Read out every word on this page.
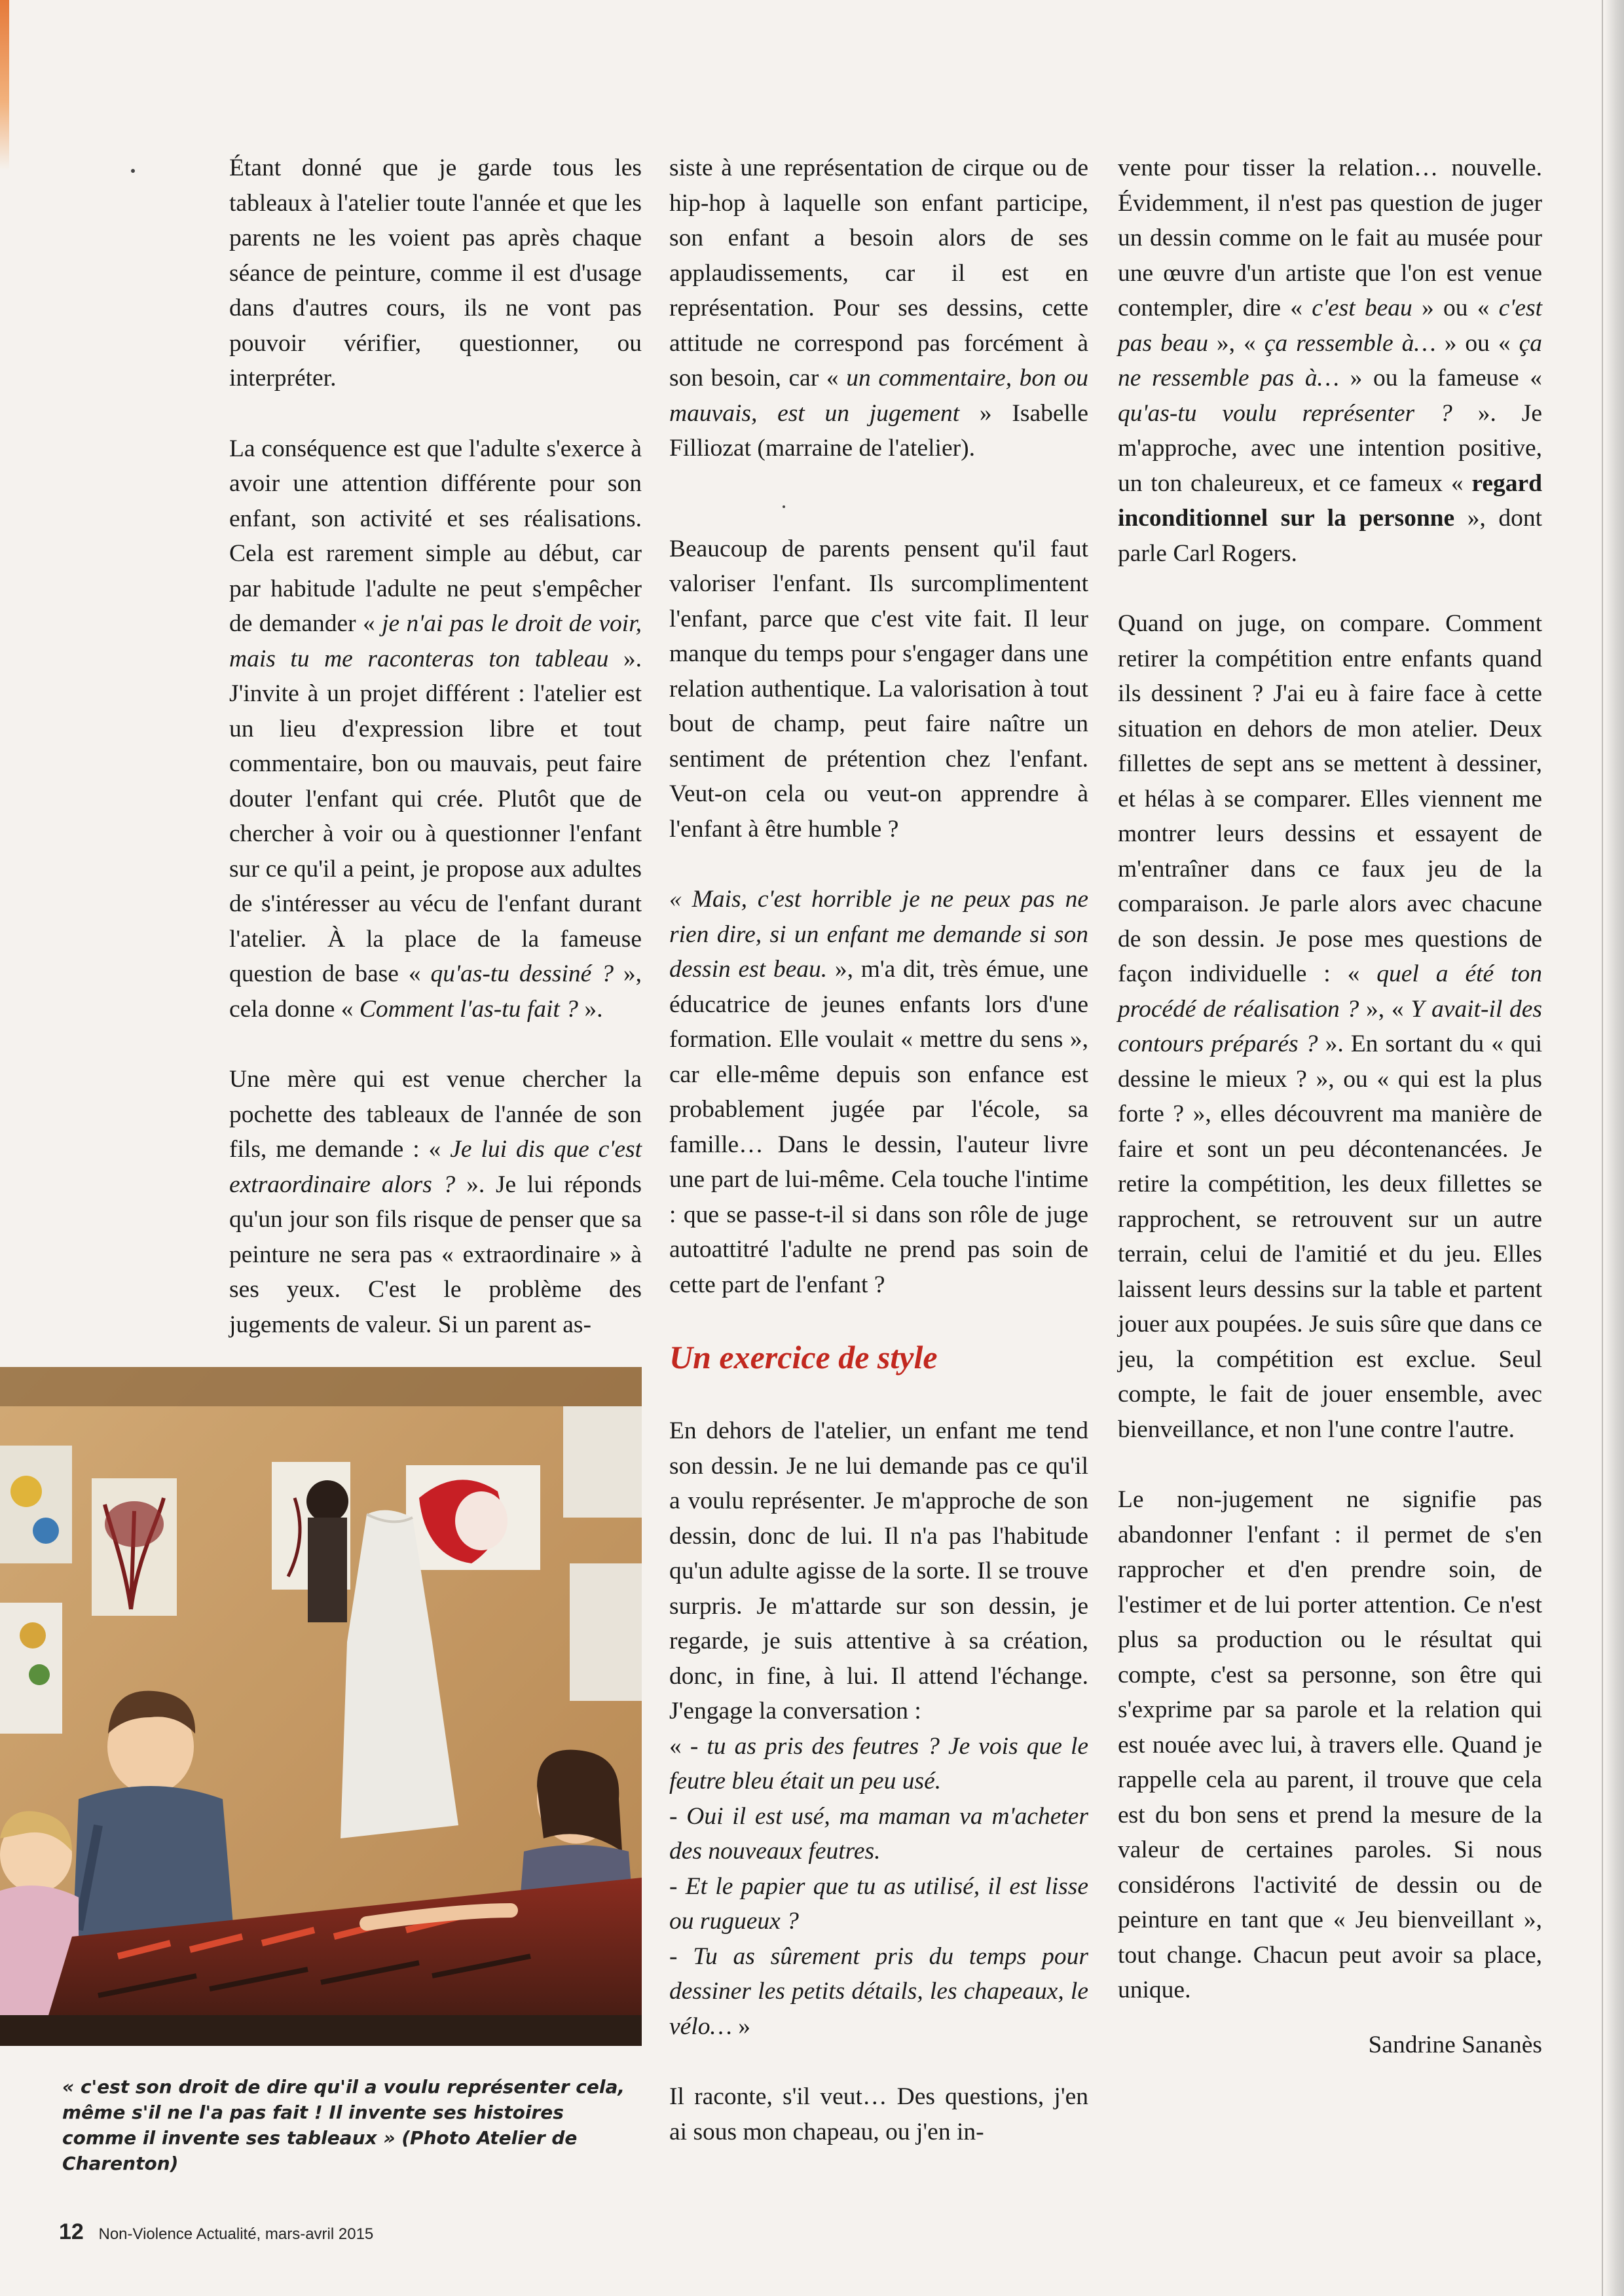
Étant donné que je garde tous les tableaux à l'atelier toute l'année et que les parents ne les voient pas après chaque séance de peinture, comme il est d'usage dans d'autres cours, ils ne vont pas pouvoir vérifier, questionner, ou interpréter.

La conséquence est que l'adulte s'exerce à avoir une attention différente pour son enfant, son activité et ses réalisations. Cela est rarement simple au début, car par habitude l'adulte ne peut s'empêcher de demander « je n'ai pas le droit de voir, mais tu me raconteras ton tableau ». J'invite à un projet différent : l'atelier est un lieu d'expression libre et tout commentaire, bon ou mauvais, peut faire douter l'enfant qui crée. Plutôt que de chercher à voir ou à questionner l'enfant sur ce qu'il a peint, je propose aux adultes de s'intéresser au vécu de l'enfant durant l'atelier. À la place de la fameuse question de base « qu'as-tu dessiné ? », cela donne « Comment l'as-tu fait ? ».

Une mère qui est venue chercher la pochette des tableaux de l'année de son fils, me demande : « Je lui dis que c'est extraordinaire alors ? ». Je lui réponds qu'un jour son fils risque de penser que sa peinture ne sera pas « extraordinaire » à ses yeux. C'est le problème des jugements de valeur. Si un parent as-

siste à une représentation de cirque ou de hip-hop à laquelle son enfant participe, son enfant a besoin alors de ses applaudissements, car il est en représentation. Pour ses dessins, cette attitude ne correspond pas forcément à son besoin, car « un commentaire, bon ou mauvais, est un jugement » Isabelle Filliozat (marraine de l'atelier).

Beaucoup de parents pensent qu'il faut valoriser l'enfant. Ils surcomplimentent l'enfant, parce que c'est vite fait. Il leur manque du temps pour s'engager dans une relation authentique. La valorisation à tout bout de champ, peut faire naître un sentiment de prétention chez l'enfant. Veut-on cela ou veut-on apprendre à l'enfant à être humble ?

« Mais, c'est horrible je ne peux pas ne rien dire, si un enfant me demande si son dessin est beau. », m'a dit, très émue, une éducatrice de jeunes enfants lors d'une formation. Elle voulait « mettre du sens », car elle-même depuis son enfance est probablement jugée par l'école, sa famille… Dans le dessin, l'auteur livre une part de lui-même. Cela touche l'intime : que se passe-t-il si dans son rôle de juge autoattitré l'adulte ne prend pas soin de cette part de l'enfant ?

Un exercice de style

En dehors de l'atelier, un enfant me tend son dessin. Je ne lui demande pas ce qu'il a voulu représenter. Je m'approche de son dessin, donc de lui. Il n'a pas l'habitude qu'un adulte agisse de la sorte. Il se trouve surpris. Je m'attarde sur son dessin, je regarde, je suis attentive à sa création, donc, in fine, à lui. Il attend l'échange. J'engage la conversation :

« - tu as pris des feutres ? Je vois que le feutre bleu était un peu usé.

- Oui il est usé, ma maman va m'acheter des nouveaux feutres.

- Et le papier que tu as utilisé, il est lisse ou rugueux ?

- Tu as sûrement pris du temps pour dessiner les petits détails, les chapeaux, le vélo… »

Il raconte, s'il veut… Des questions, j'en ai sous mon chapeau, ou j'en in-

vente pour tisser la relation… nouvelle. Évidemment, il n'est pas question de juger un dessin comme on le fait au musée pour une œuvre d'un artiste que l'on est venue contempler, dire « c'est beau » ou « c'est pas beau », « ça ressemble à… » ou « ça ne ressemble pas à… » ou la fameuse « qu'as-tu voulu représenter ? ». Je m'approche, avec une intention positive, un ton chaleureux, et ce fameux « regard inconditionnel sur la personne », dont parle Carl Rogers.

Quand on juge, on compare. Comment retirer la compétition entre enfants quand ils dessinent ? J'ai eu à faire face à cette situation en dehors de mon atelier. Deux fillettes de sept ans se mettent à dessiner, et hélas à se comparer. Elles viennent me montrer leurs dessins et essayent de m'entraîner dans ce faux jeu de la comparaison. Je parle alors avec chacune de son dessin. Je pose mes questions de façon individuelle : « quel a été ton procédé de réalisation ? », « Y avait-il des contours préparés ? ». En sortant du « qui dessine le mieux ? », ou « qui est la plus forte ? », elles découvrent ma manière de faire et sont un peu décontenancées. Je retire la compétition, les deux fillettes se rapprochent, se retrouvent sur un autre terrain, celui de l'amitié et du jeu. Elles laissent leurs dessins sur la table et partent jouer aux poupées. Je suis sûre que dans ce jeu, la compétition est exclue. Seul compte, le fait de jouer ensemble, avec bienveillance, et non l'une contre l'autre.

Le non-jugement ne signifie pas abandonner l'enfant : il permet de s'en rapprocher et d'en prendre soin, de l'estimer et de lui porter attention. Ce n'est plus sa production ou le résultat qui compte, c'est sa personne, son être qui s'exprime par sa parole et la relation qui est nouée avec lui, à travers elle. Quand je rappelle cela au parent, il trouve que cela est du bon sens et prend la mesure de la valeur de certaines paroles. Si nous considérons l'activité de dessin ou de peinture en tant que « Jeu bienveillant », tout change. Chacun peut avoir sa place, unique.

Sandrine Sananès
« c'est son droit de dire qu'il a voulu représenter cela, même s'il ne l'a pas fait ! Il invente ses histoires comme il invente ses tableaux » (Photo Atelier de Charenton)
12 Non-Violence Actualité, mars-avril 2015
